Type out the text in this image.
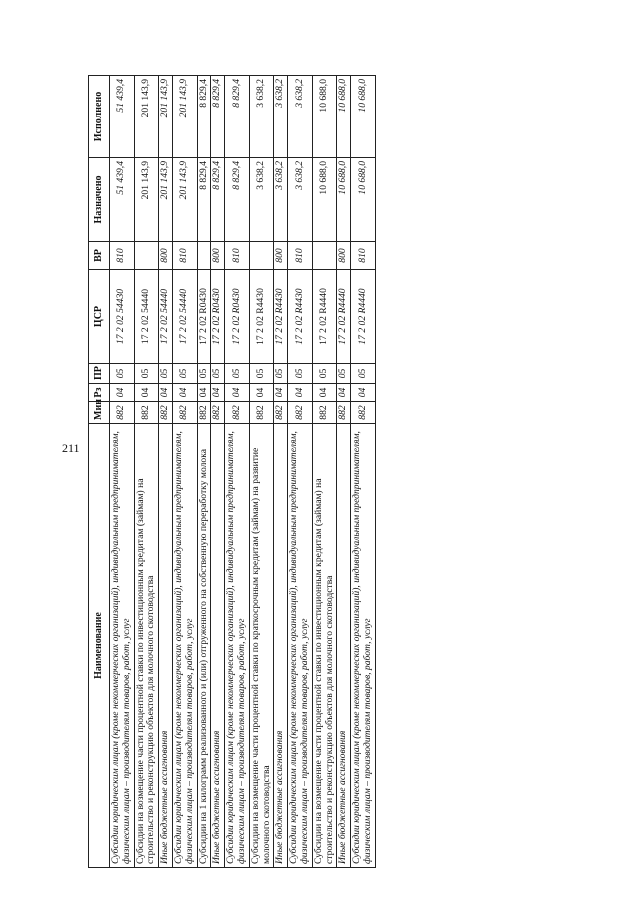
211
Наименование	Мин	Рз	ПР	ЦСР	ВР	Назначено	Исполнено
Субсидии юридическим лицам (кроме некоммерческих организаций), индивидуальным предпринимателям, физическим лицам – производителям товаров, работ, услуг	882	04	05	17 2 02 54430	810	51 439,4	51 439,4
Субсидии на возмещение части процентной ставки по инвестиционным кредитам (займам) на строительство и реконструкцию объектов для молочного скотоводства	882	04	05	17 2 02 54440		201 143,9	201 143,9
Иные бюджетные ассигнования	882	04	05	17 2 02 54440	800	201 143,9	201 143,9
Субсидии юридическим лицам (кроме некоммерческих организаций), индивидуальным предпринимателям, физическим лицам – производителям товаров, работ, услуг	882	04	05	17 2 02 54440	810	201 143,9	201 143,9
Субсидии на 1 килограмм реализованного и (или) отгруженного на собственную переработку молока	882	04	05	17 2 02 R0430		8 829,4	8 829,4
Иные бюджетные ассигнования	882	04	05	17 2 02 R0430	800	8 829,4	8 829,4
Субсидии юридическим лицам (кроме некоммерческих организаций), индивидуальным предпринимателям, физическим лицам – производителям товаров, работ, услуг	882	04	05	17 2 02 R0430	810	8 829,4	8 829,4
Субсидии на возмещение части процентной ставки по краткосрочным кредитам (займам) на развитие молочного скотоводства	882	04	05	17 2 02 R4430		3 638,2	3 638,2
Иные бюджетные ассигнования	882	04	05	17 2 02 R4430	800	3 638,2	3 638,2
Субсидии юридическим лицам (кроме некоммерческих организаций), индивидуальным предпринимателям, физическим лицам – производителям товаров, работ, услуг	882	04	05	17 2 02 R4430	810	3 638,2	3 638,2
Субсидии на возмещение части процентной ставки по инвестиционным кредитам (займам) на строительство и реконструкцию объектов для молочного скотоводства	882	04	05	17 2 02 R4440		10 688,0	10 688,0
Иные бюджетные ассигнования	882	04	05	17 2 02 R4440	800	10 688,0	10 688,0
Субсидии юридическим лицам (кроме некоммерческих организаций), индивидуальным предпринимателям, физическим лицам – производителям товаров, работ, услуг	882	04	05	17 2 02 R4440	810	10 688,0	10 688,0
